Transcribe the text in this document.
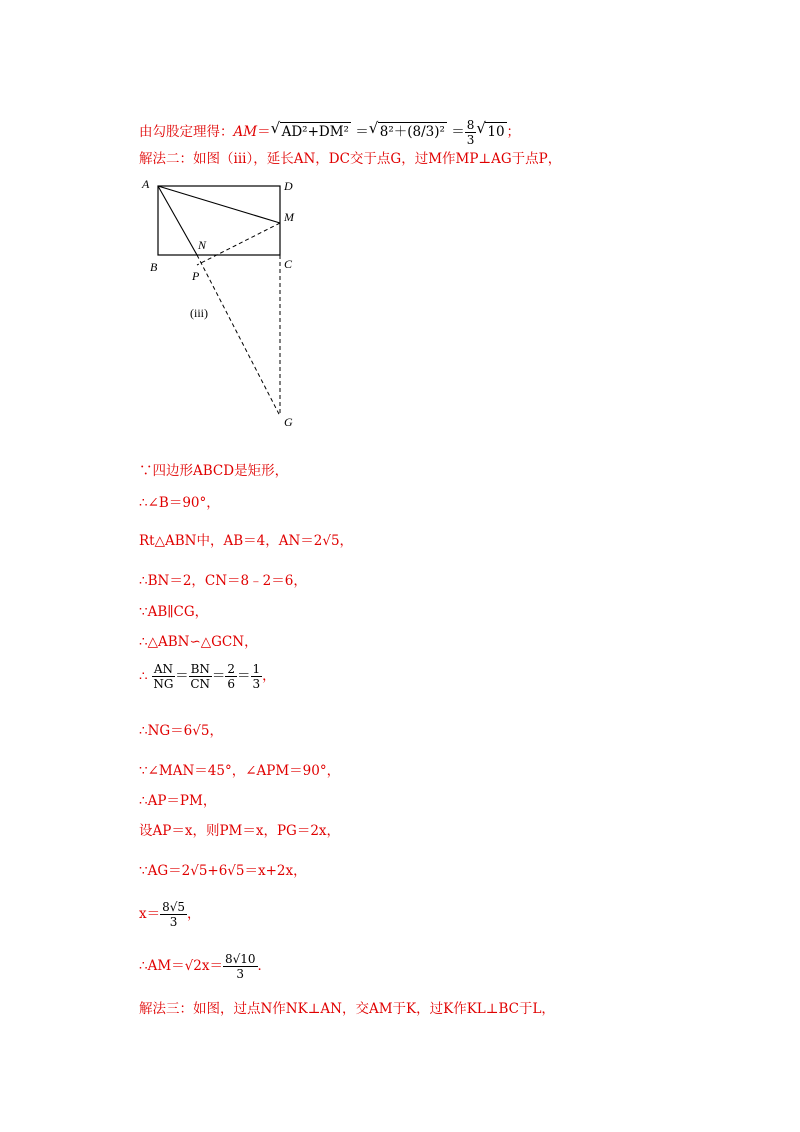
由勾股定理得：AM＝ √ AD²+DM² ＝ √ $8^2+(8/3)^2 = \frac{8}{3}$ √ 10 ；
解法二：如图（iii），延长AN，DC交于点G，过M作MP⊥AG于点P，
A	D
M
N
B
P
C
G
(iii)
∵四边形ABCD是矩形，
∴∠B＝90°，
Rt△ABN中，AB＝4，AN＝2√5，
∴BN＝2，CN＝8﹣2＝6，
∵AB∥CG，
∴△ABN∽△GCN，
∴ $\frac{AN}{NG} = \frac{BN}{CN} = \frac{2}{6} = \frac{1}{3}$ ，
∴NG＝6√5，
∵∠MAN＝45°，∠APM＝90°，
∴AP＝PM，
设AP＝x，则PM＝x，PG＝2x，
∵AG＝2√5+6√5＝x+2x，
$x= \frac{8√5}{3}$ ，
∴AM＝√2x＝ $\frac{8√10}{3}$ ．
解法三：如图，过点N作NK⊥AN，交AM于K，过K作KL⊥BC于L，
